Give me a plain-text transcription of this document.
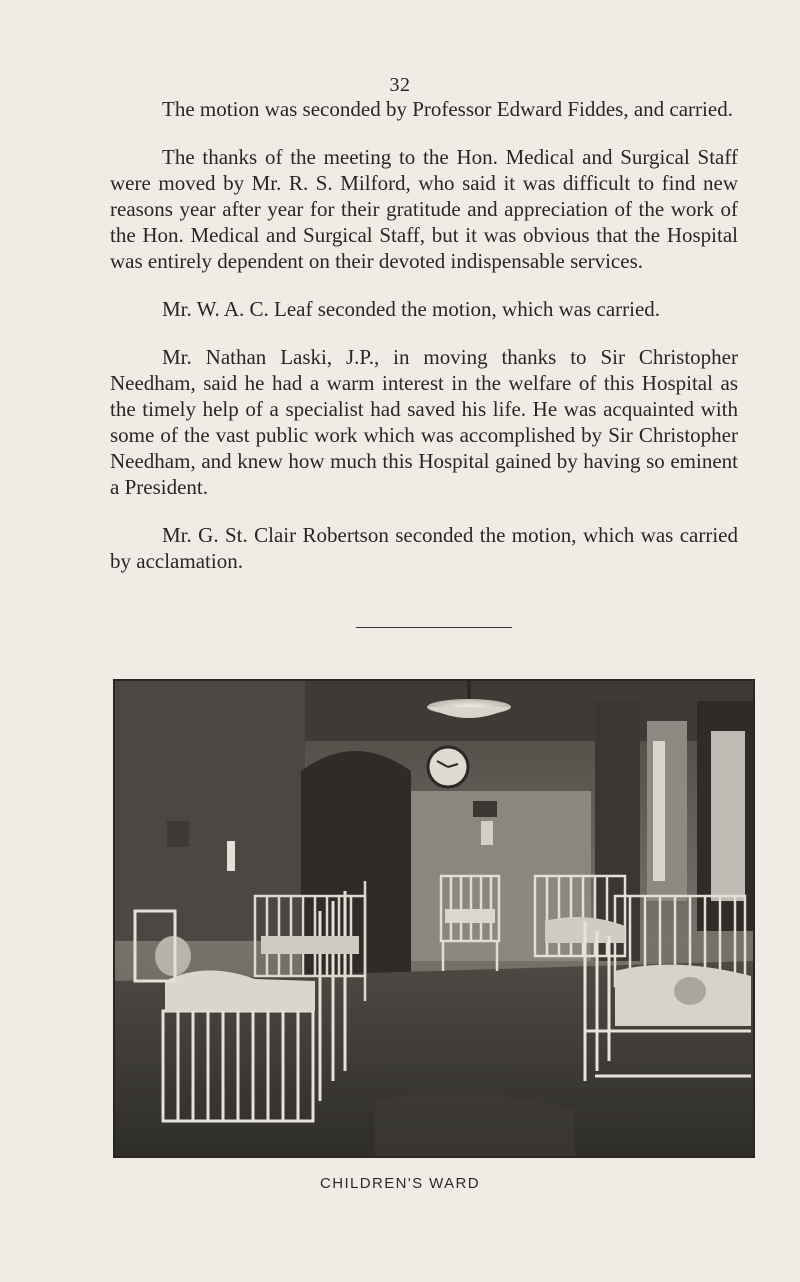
32

The motion was seconded by Professor Edward Fiddes, and carried.

The thanks of the meeting to the Hon. Medical and Surgical Staff were moved by Mr. R. S. Milford, who said it was difficult to find new reasons year after year for their gratitude and appreciation of the work of the Hon. Medical and Surgical Staff, but it was obvious that the Hospital was entirely dependent on their devoted indispensable services.

Mr. W. A. C. Leaf seconded the motion, which was carried.

Mr. Nathan Laski, J.P., in moving thanks to Sir Christopher Needham, said he had a warm interest in the welfare of this Hospital as the timely help of a specialist had saved his life. He was acquainted with some of the vast public work which was accomplished by Sir Christopher Needham, and knew how much this Hospital gained by having so eminent a President.

Mr. G. St. Clair Robertson seconded the motion, which was carried by acclamation.

CHILDREN'S WARD
